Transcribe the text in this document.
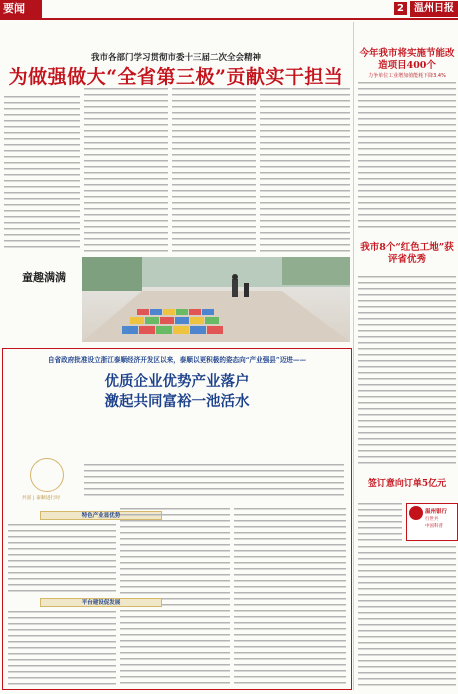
要闻	2	温州日报
我市各部门学习贯彻市委十三届二次全会精神
为做强做大“全省第三极”贡献实干担当
童趣满满
今年我市将实施节能改造项目400个
力争单位工业增加值能耗下降3.4%
我市8个“红色工地”获评省优秀
签订意向订单5亿元
温州银行
行世共
中国科普
自省政府批准设立浙江泰顺经济开发区以来，泰顺以更积极的姿态向“产业强县”迈进——
优质企业优势产业落户
激起共同富裕一池活水
共富 | 泰顺进行时
特色产业显优势
平台建设促发展
